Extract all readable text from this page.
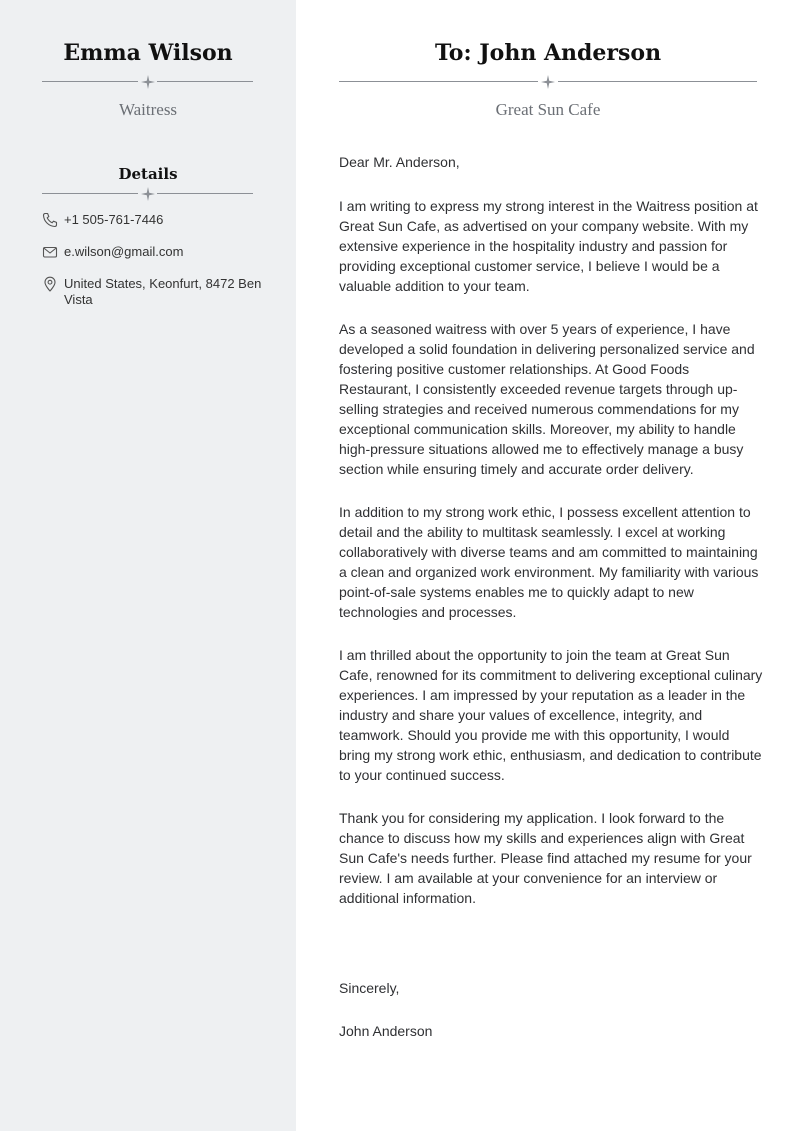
Emma Wilson
Waitress
Details
+1 505-761-7446
e.wilson@gmail.com
United States, Keonfurt, 8472 Ben Vista
To: John Anderson
Great Sun Cafe

Dear Mr. Anderson,

I am writing to express my strong interest in the Waitress position at Great Sun Cafe, as advertised on your company website. With my extensive experience in the hospitality industry and passion for providing exceptional customer service, I believe I would be a valuable addition to your team.

As a seasoned waitress with over 5 years of experience, I have developed a solid foundation in delivering personalized service and fostering positive customer relationships. At Good Foods Restaurant, I consistently exceeded revenue targets through up-selling strategies and received numerous commendations for my exceptional communication skills. Moreover, my ability to handle high-pressure situations allowed me to effectively manage a busy section while ensuring timely and accurate order delivery.

In addition to my strong work ethic, I possess excellent attention to detail and the ability to multitask seamlessly. I excel at working collaboratively with diverse teams and am committed to maintaining a clean and organized work environment. My familiarity with various point-of-sale systems enables me to quickly adapt to new technologies and processes.

I am thrilled about the opportunity to join the team at Great Sun Cafe, renowned for its commitment to delivering exceptional culinary experiences. I am impressed by your reputation as a leader in the industry and share your values of excellence, integrity, and teamwork. Should you provide me with this opportunity, I would bring my strong work ethic, enthusiasm, and dedication to contribute to your continued success.

Thank you for considering my application. I look forward to the chance to discuss how my skills and experiences align with Great Sun Cafe's needs further. Please find attached my resume for your review. I am available at your convenience for an interview or additional information.

Sincerely,

John Anderson
